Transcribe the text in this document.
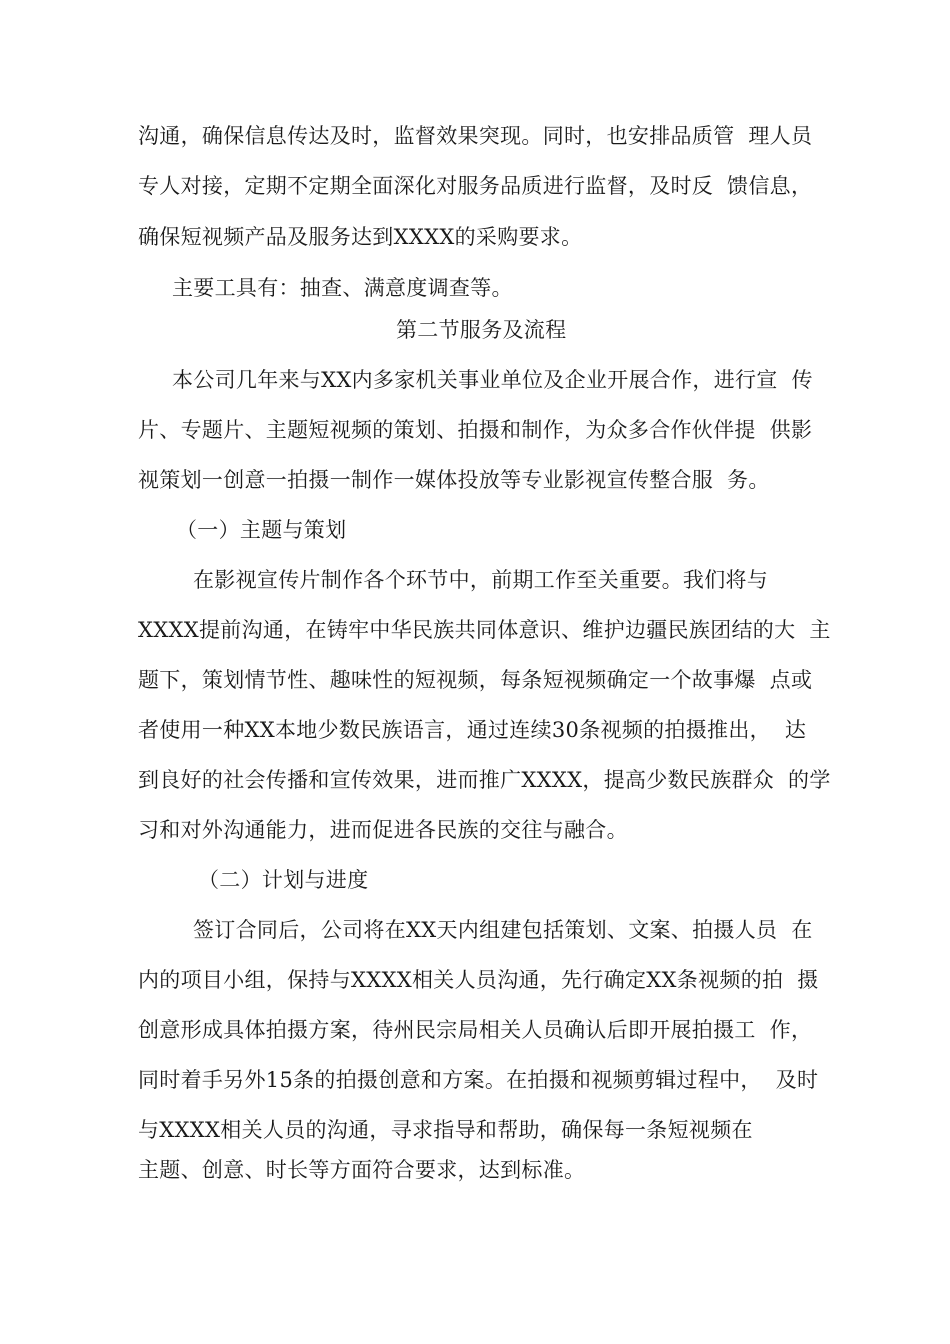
沟通，确保信息传达及时，监督效果突现。同时，也安排品质管  理人员
专人对接，定期不定期全面深化对服务品质进行监督，及时反  馈信息，
确保短视频产品及服务达到XXXX的采购要求。
主要工具有：抽查、满意度调查等。
第二节服务及流程
本公司几年来与XX内多家机关事业单位及企业开展合作，进行宣  传
片、专题片、主题短视频的策划、拍摄和制作，为众多合作伙伴提  供影
视策划一创意一拍摄一制作一媒体投放等专业影视宣传整合服  务。
（一）主题与策划
在影视宣传片制作各个环节中，前期工作至关重要。我们将与
XXXX提前沟通，在铸牢中华民族共同体意识、维护边疆民族团结的大  主
题下，策划情节性、趣味性的短视频，每条短视频确定一个故事爆  点或
者使用一种XX本地少数民族语言，通过连续30条视频的拍摄推出，  达
到良好的社会传播和宣传效果，进而推广XXXX，提高少数民族群众  的学
习和对外沟通能力，进而促进各民族的交往与融合。
（二）计划与进度
签订合同后，公司将在XX天内组建包括策划、文案、拍摄人员  在
内的项目小组，保持与XXXX相关人员沟通，先行确定XX条视频的拍  摄
创意形成具体拍摄方案，待州民宗局相关人员确认后即开展拍摄工  作，
同时着手另外15条的拍摄创意和方案。在拍摄和视频剪辑过程中，  及时
与XXXX相关人员的沟通，寻求指导和帮助，确保每一条短视频在
主题、创意、时长等方面符合要求，达到标准。
